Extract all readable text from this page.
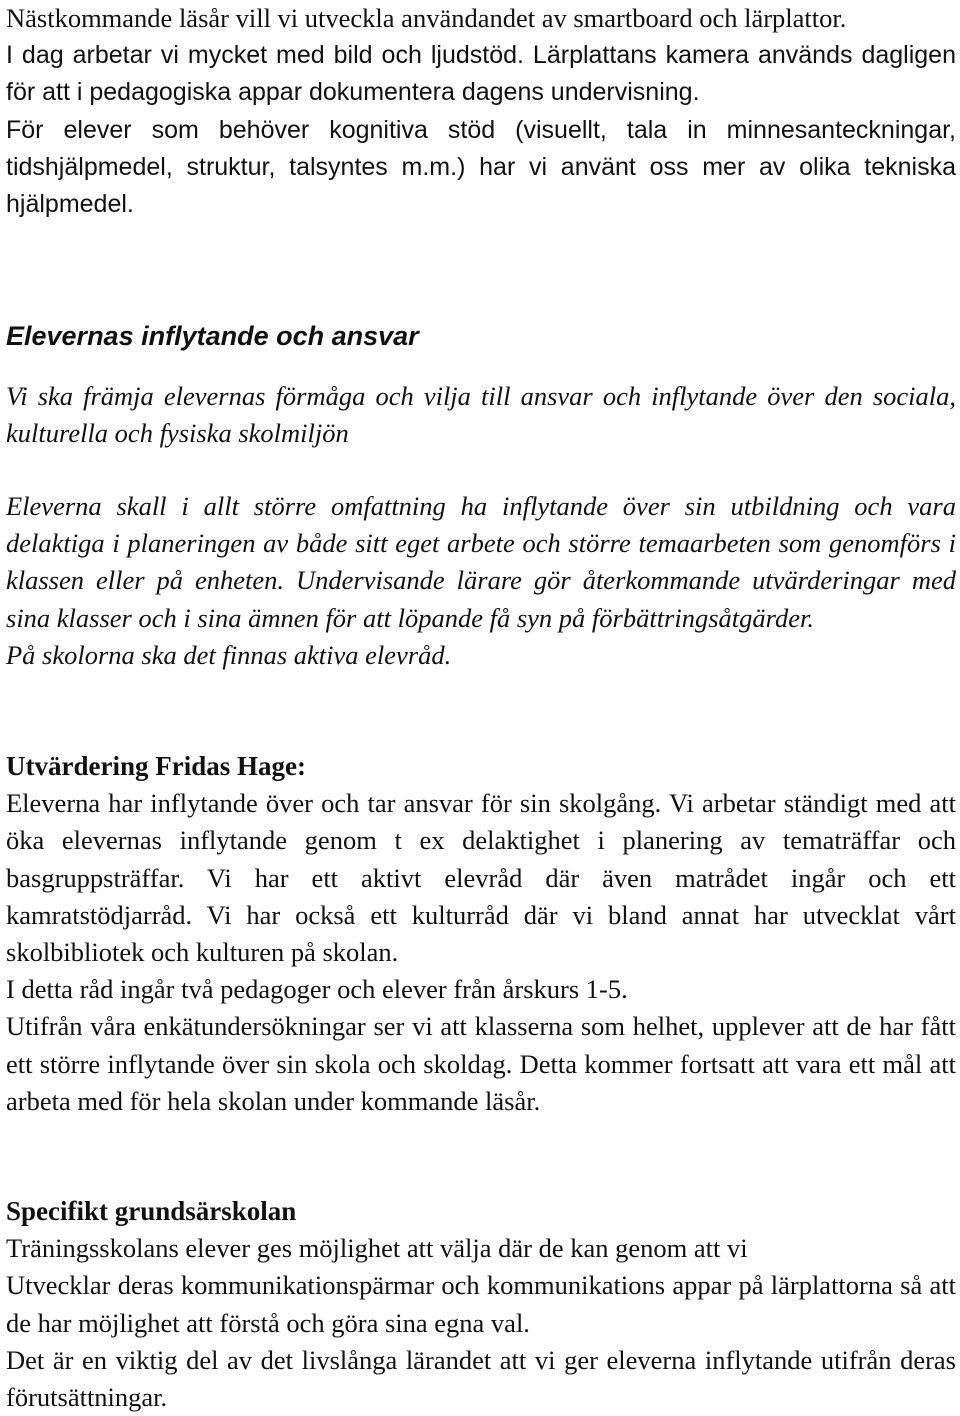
Nästkommande läsår vill vi utveckla användandet av smartboard och lärplattor.

I dag arbetar vi mycket med bild och ljudstöd. Lärplattans kamera används dagligen för att i pedagogiska appar dokumentera dagens undervisning.

För elever som behöver kognitiva stöd (visuellt, tala in minnesanteckningar, tidshjälpmedel, struktur, talsyntes m.m.) har vi använt oss mer av olika tekniska hjälpmedel.

Elevernas inflytande och ansvar

Vi ska främja elevernas förmåga och vilja till ansvar och inflytande över den sociala, kulturella och fysiska skolmiljön

Eleverna skall i allt större omfattning ha inflytande över sin utbildning och vara delaktiga i planeringen av både sitt eget arbete och större temaarbeten som genomförs i klassen eller på enheten. Undervisande lärare gör återkommande utvärderingar med sina klasser och i sina ämnen för att löpande få syn på förbättringsåtgärder.

På skolorna ska det finnas aktiva elevråd.

Utvärdering Fridas Hage:

Eleverna har inflytande över och tar ansvar för sin skolgång. Vi arbetar ständigt med att öka elevernas inflytande genom t ex delaktighet i planering av tematräffar och basgruppsträffar. Vi har ett aktivt elevråd där även matrådet ingår och ett kamratstödjarråd. Vi har också ett kulturråd där vi bland annat har utvecklat vårt skolbibliotek och kulturen på skolan.

I detta råd ingår två pedagoger och elever från årskurs 1-5.

Utifrån våra enkätundersökningar ser vi att klasserna som helhet, upplever att de har fått ett större inflytande över sin skola och skoldag. Detta kommer fortsatt att vara ett mål att arbeta med för hela skolan under kommande läsår.

Specifikt grundsärskolan

Träningsskolans elever ges möjlighet att välja där de kan genom att vi

Utvecklar deras kommunikationspärmar och kommunikations appar på lärplattorna så att de har möjlighet att förstå och göra sina egna val.

Det är en viktig del av det livslånga lärandet att vi ger eleverna inflytande utifrån deras förutsättningar.
